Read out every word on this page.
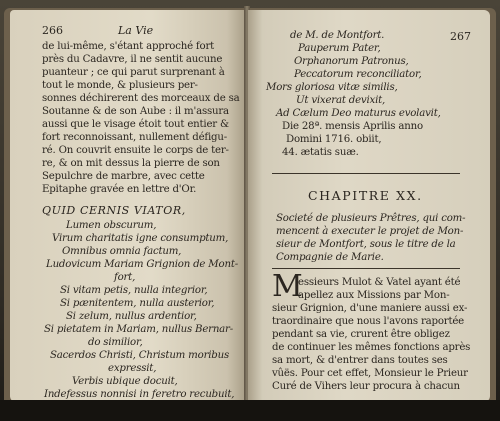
266	La Vie
de lui-même, s'étant approché fort
près du Cadavre, il ne sentit aucune
puanteur ; ce qui parut surprenant à
tout le monde, & plusieurs per-
sonnes déchirerent des morceaux de sa
Soutanne & de son Aube : il m'assura
aussi que le visage étoit tout entier &
fort reconnoissant, nullement défigu-
ré. On couvrit ensuite le corps de ter-
re, & on mit dessus la pierre de son
Sepulchre de marbre, avec cette
Epitaphe gravée en lettre d'Or.
QUID CERNIS VIATOR,
Lumen obscurum,
Virum charitatis igne consumptum,
Omnibus omnia factum,
Ludovicum Mariam Grignion de Mont-
fort,
Si vitam petis, nulla integrior,
Si pænitentem, nulla austerior,
Si zelum, nullus ardentior,
Si pietatem in Mariam, nullus Bernar-
do similior,
Sacerdos Christi, Christum moribus
expressit,
Verbis ubique docuit,
Indefessus nonnisi in feretro recubuit,
267
de M. de Montfort.
Pauperum Pater,
Orphanorum Patronus,
Peccatorum reconciliator,
Mors gloriosa vitæ similis,
Ut vixerat devixit,
Ad Cælum Deo maturus evolavit,
Die 28ª. mensis Aprilis anno
Domini 1716. obiit,
44. ætatis suæ.
CHAPITRE XX.
Societé de plusieurs Prêtres, qui com-
mencent à executer le projet de Mon-
sieur de Montfort, sous le titre de la
Compagnie de Marie.
M
essieurs Mulot & Vatel ayant été
apellez aux Missions par Mon-
sieur Grignion, d'une maniere aussi ex-
traordinaire que nous l'avons raportée
pendant sa vie, crurent être obligez
de continuer les mêmes fonctions après
sa mort, & d'entrer dans toutes ses
vûës. Pour cet effet, Monsieur le Prieur
Curé de Vihers leur procura à chacun
